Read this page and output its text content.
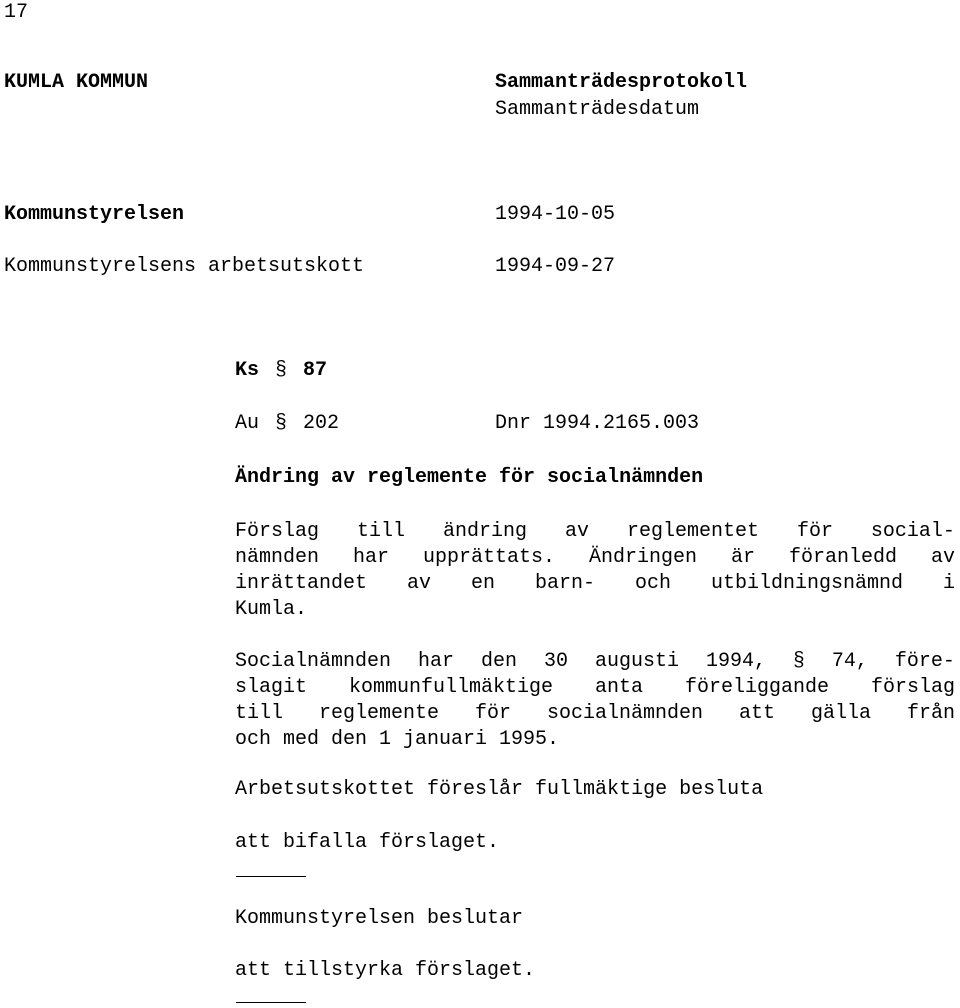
17
KUMLA KOMMUN	Sammanträdesprotokoll
Sammanträdesdatum
Kommunstyrelsen	1994-10-05
Kommunstyrelsens arbetsutskott	1994-09-27
Ks § 87
Au § 202	Dnr 1994.2165.003
Ändring av reglemente för socialnämnden
Förslag till ändring av reglementet för social-
nämnden har upprättats. Ändringen är föranledd av
inrättandet av en barn- och utbildningsnämnd i
Kumla.
Socialnämnden har den 30 augusti 1994, § 74, före-
slagit kommunfullmäktige anta föreliggande förslag
till reglemente för socialnämnden att gälla från
och med den 1 januari 1995.
Arbetsutskottet föreslår fullmäktige besluta
att bifalla förslaget.
Kommunstyrelsen beslutar
att tillstyrka förslaget.
